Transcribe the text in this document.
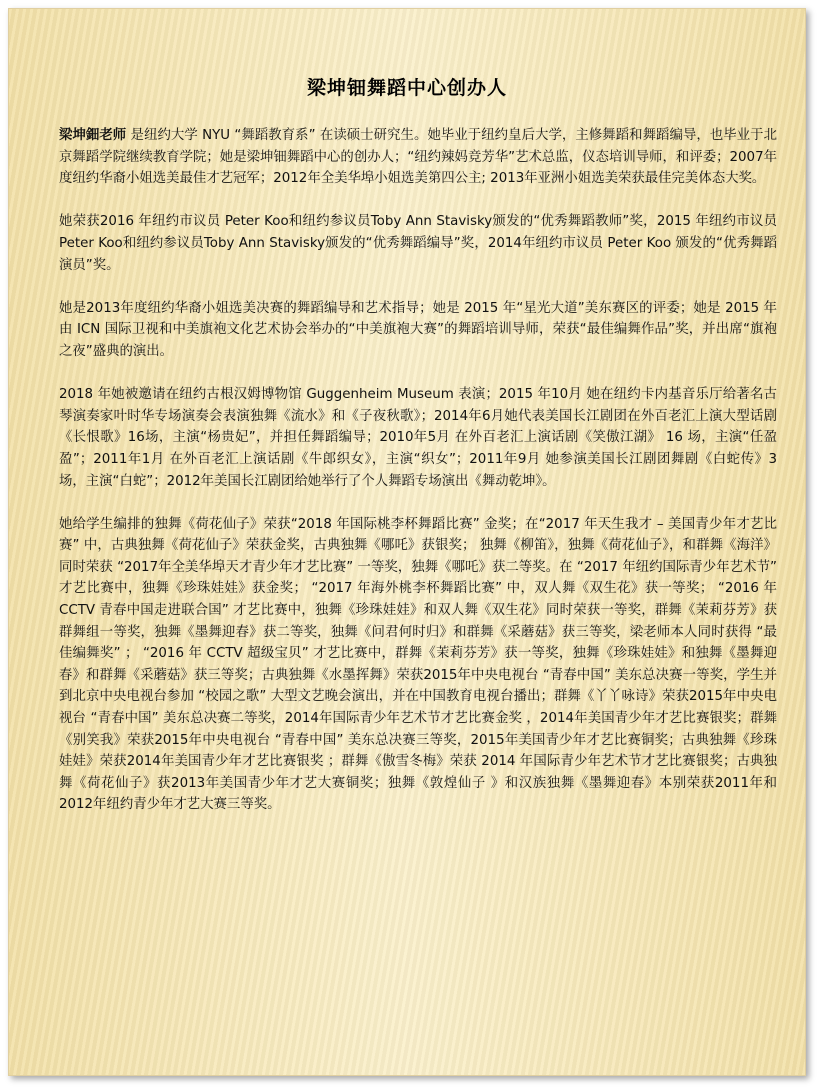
梁坤钿舞蹈中心创办人

梁坤鈿老师 是纽约大学 NYU “舞蹈教育系” 在读硕士研究生。她毕业于纽约皇后大学，主修舞蹈和舞蹈编导，也毕业于北京舞蹈学院继续教育学院；她是梁坤钿舞蹈中心的创办人；“纽约辣妈竞芳华”艺术总监，仪态培训导师，和评委；2007年度纽约华裔小姐选美最佳才艺冠军；2012年全美华埠小姐选美第四公主; 2013年亚洲小姐选美荣获最佳完美体态大奖。

她荣获2016 年纽约市议员 Peter Koo和纽约参议员Toby Ann Stavisky颁发的“优秀舞蹈教师”奖，2015 年纽约市议员 Peter Koo和纽约参议员Toby Ann Stavisky颁发的“优秀舞蹈编导”奖，2014年纽约市议员 Peter Koo 颁发的“优秀舞蹈演员”奖。

她是2013年度纽约华裔小姐选美决赛的舞蹈编导和艺术指导；她是 2015 年“星光大道”美东赛区的评委；她是 2015 年由 ICN 国际卫视和中美旗袍文化艺术协会举办的“中美旗袍大赛”的舞蹈培训导师，荣获“最佳编舞作品”奖，并出席“旗袍之夜”盛典的演出。

2018 年她被邀请在纽约古根汉姆博物馆 Guggenheim Museum 表演；2015 年10月 她在纽约卡内基音乐厅给著名古琴演奏家叶时华专场演奏会表演独舞《流水》和《子夜秋歌》；2014年6月她代表美国长江剧团在外百老汇上演大型话剧《长恨歌》16场，主演“杨贵妃”，并担任舞蹈编导；2010年5月 在外百老汇上演话剧《笑傲江湖》 16 场，主演“任盈盈”；2011年1月 在外百老汇上演话剧《牛郎织女》，主演“织女”；2011年9月 她参演美国长江剧团舞剧《白蛇传》3场，主演“白蛇”；2012年美国长江剧团给她举行了个人舞蹈专场演出《舞动乾坤》。

她给学生编排的独舞《荷花仙子》荣获“2018 年国际桃李杯舞蹈比赛” 金奖；在“2017 年天生我才 – 美国青少年才艺比赛” 中，古典独舞《荷花仙子》荣获金奖，古典独舞《哪吒》获银奖； 独舞《柳笛》，独舞《荷花仙子》，和群舞《海洋》同时荣获 “2017年全美华埠天才青少年才艺比赛” 一等奖，独舞《哪吒》获二等奖。在 “2017 年纽约国际青少年艺术节” 才艺比赛中，独舞《珍珠娃娃》获金奖； “2017 年海外桃李杯舞蹈比赛” 中，双人舞《双生花》获一等奖； “2016 年 CCTV 青春中国走进联合国” 才艺比赛中，独舞《珍珠娃娃》和双人舞《双生花》同时荣获一等奖，群舞《茉莉芬芳》获群舞组一等奖，独舞《墨舞迎春》获二等奖，独舞《问君何时归》和群舞《采蘑菇》获三等奖，梁老师本人同时获得 “最佳编舞奖” ； “2016 年 CCTV 超级宝贝” 才艺比赛中，群舞《茉莉芬芳》获一等奖，独舞《珍珠娃娃》和独舞《墨舞迎春》和群舞《采蘑菇》获三等奖；古典独舞《水墨挥舞》荣获2015年中央电视台 “青春中国” 美东总决赛一等奖，学生并到北京中央电视台参加 “校园之歌” 大型文艺晚会演出，并在中国教育电视台播出；群舞《丫丫咏诗》荣获2015年中央电视台 “青春中国” 美东总决赛二等奖，2014年国际青少年艺术节才艺比赛金奖 ，2014年美国青少年才艺比赛银奖；群舞《别笑我》荣获2015年中央电视台 “青春中国” 美东总决赛三等奖，2015年美国青少年才艺比赛铜奖；古典独舞《珍珠娃娃》荣获2014年美国青少年才艺比赛银奖 ；群舞《傲雪冬梅》荣获 2014 年国际青少年艺术节才艺比赛银奖；古典独舞《荷花仙子》获2013年美国青少年才艺大赛铜奖；独舞《敦煌仙子 》和汉族独舞《墨舞迎春》本别荣获2011年和2012年纽约青少年才艺大赛三等奖。
